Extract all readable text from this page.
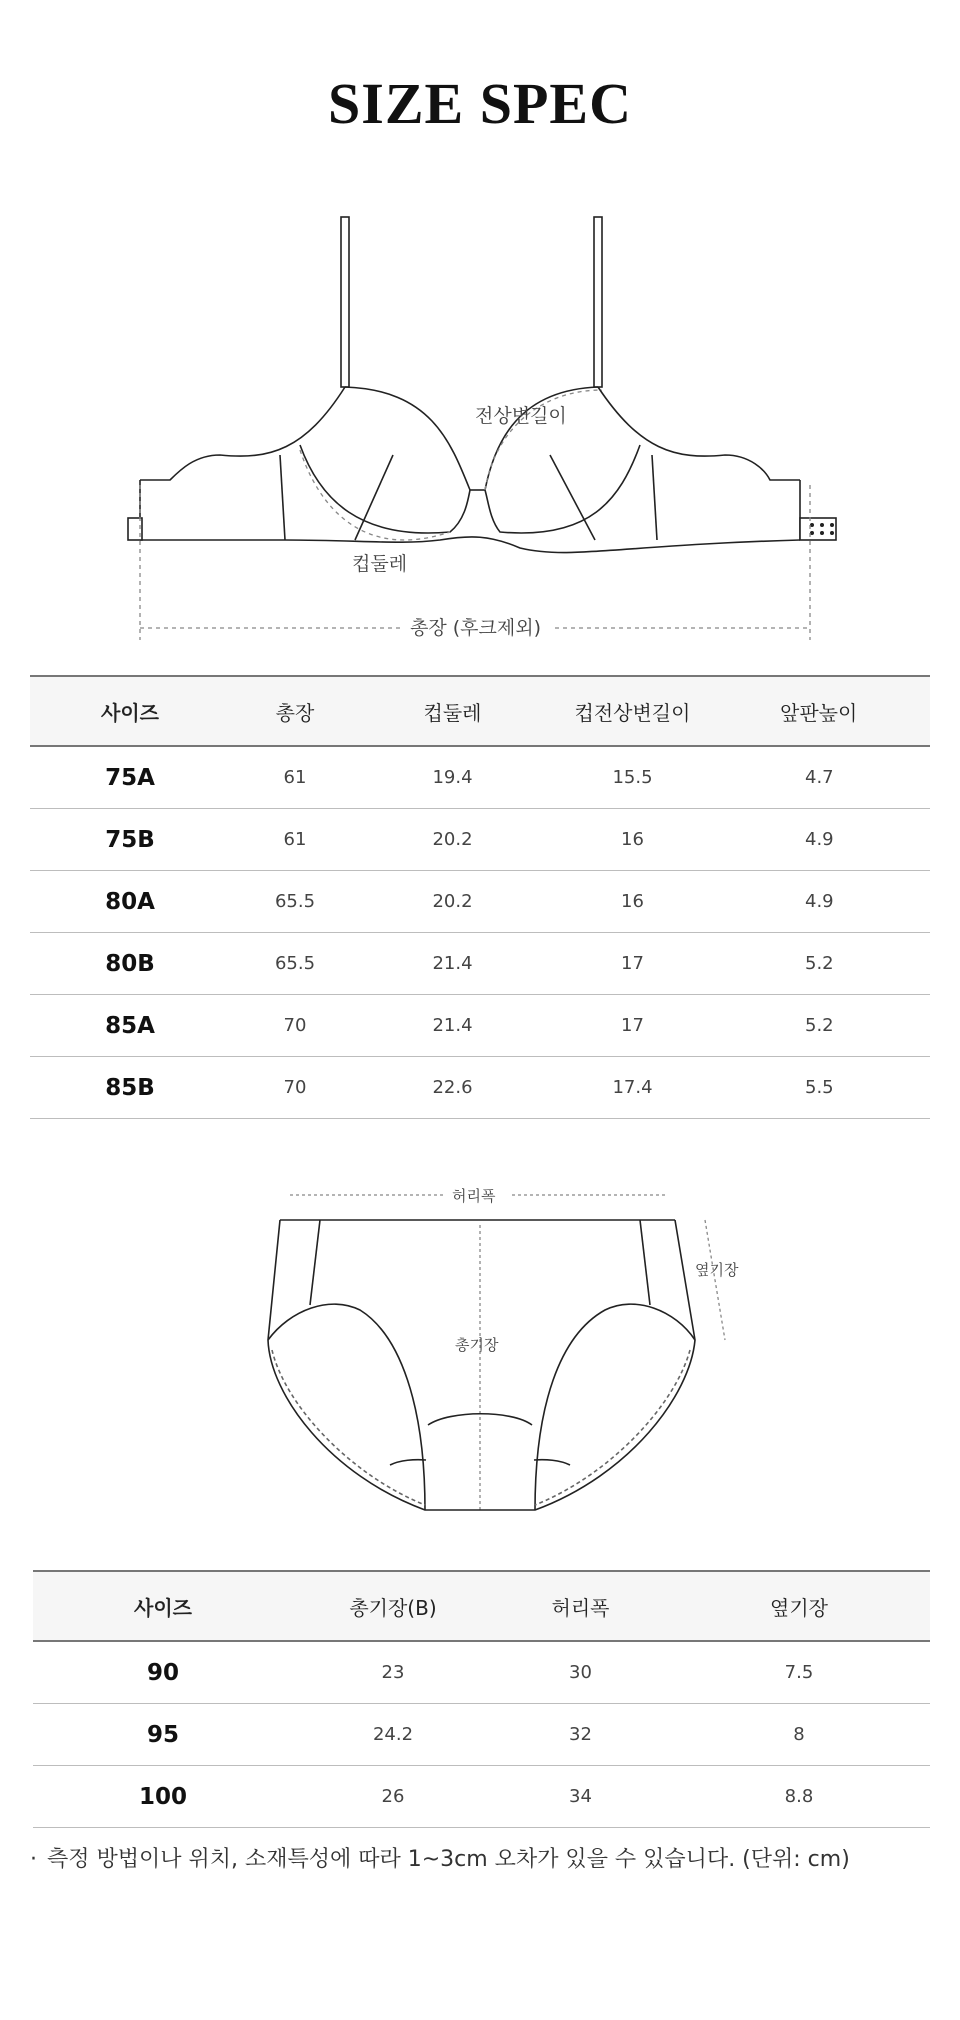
SIZE SPEC
전상변길이
컵둘레
총장 (후크제외)
사이즈	총장	컵둘레	컵전상변길이	앞판높이
75A	61	19.4	15.5	4.7
75B	61	20.2	16	4.9
80A	65.5	20.2	16	4.9
80B	65.5	21.4	17	5.2
85A	70	21.4	17	5.2
85B	70	22.6	17.4	5.5
허리폭
옆기장
총기장
사이즈	총기장(B)	허리폭	옆기장
90	23	30	7.5
95	24.2	32	8
100	26	34	8.8
· 측정 방법이나 위치, 소재특성에 따라 1~3cm 오차가 있을 수 있습니다. (단위: cm)
